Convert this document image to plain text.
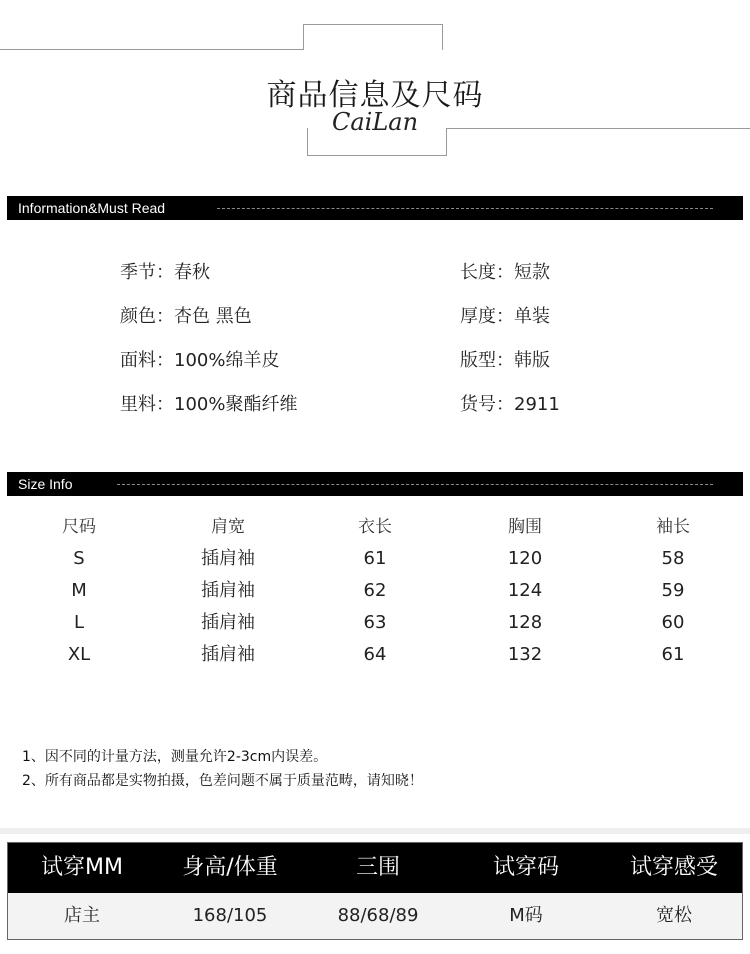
商品信息及尺码
CaiLan
Information&Must Read
季节：春秋
颜色：杏色 黑色
面料：100%绵羊皮
里料：100%聚酯纤维
长度：短款
厚度：单装
版型：韩版
货号：2911
Size Info
尺码	肩宽	衣长	胸围	袖长
S	插肩袖	61	120	58
M	插肩袖	62	124	59
L	插肩袖	63	128	60
XL	插肩袖	64	132	61
1、因不同的计量方法，测量允许2-3cm内误差。
2、所有商品都是实物拍摄，色差问题不属于质量范畴，请知晓！
试穿MM	身高/体重	三围	试穿码	试穿感受
店主	168/105	88/68/89	M码	宽松
